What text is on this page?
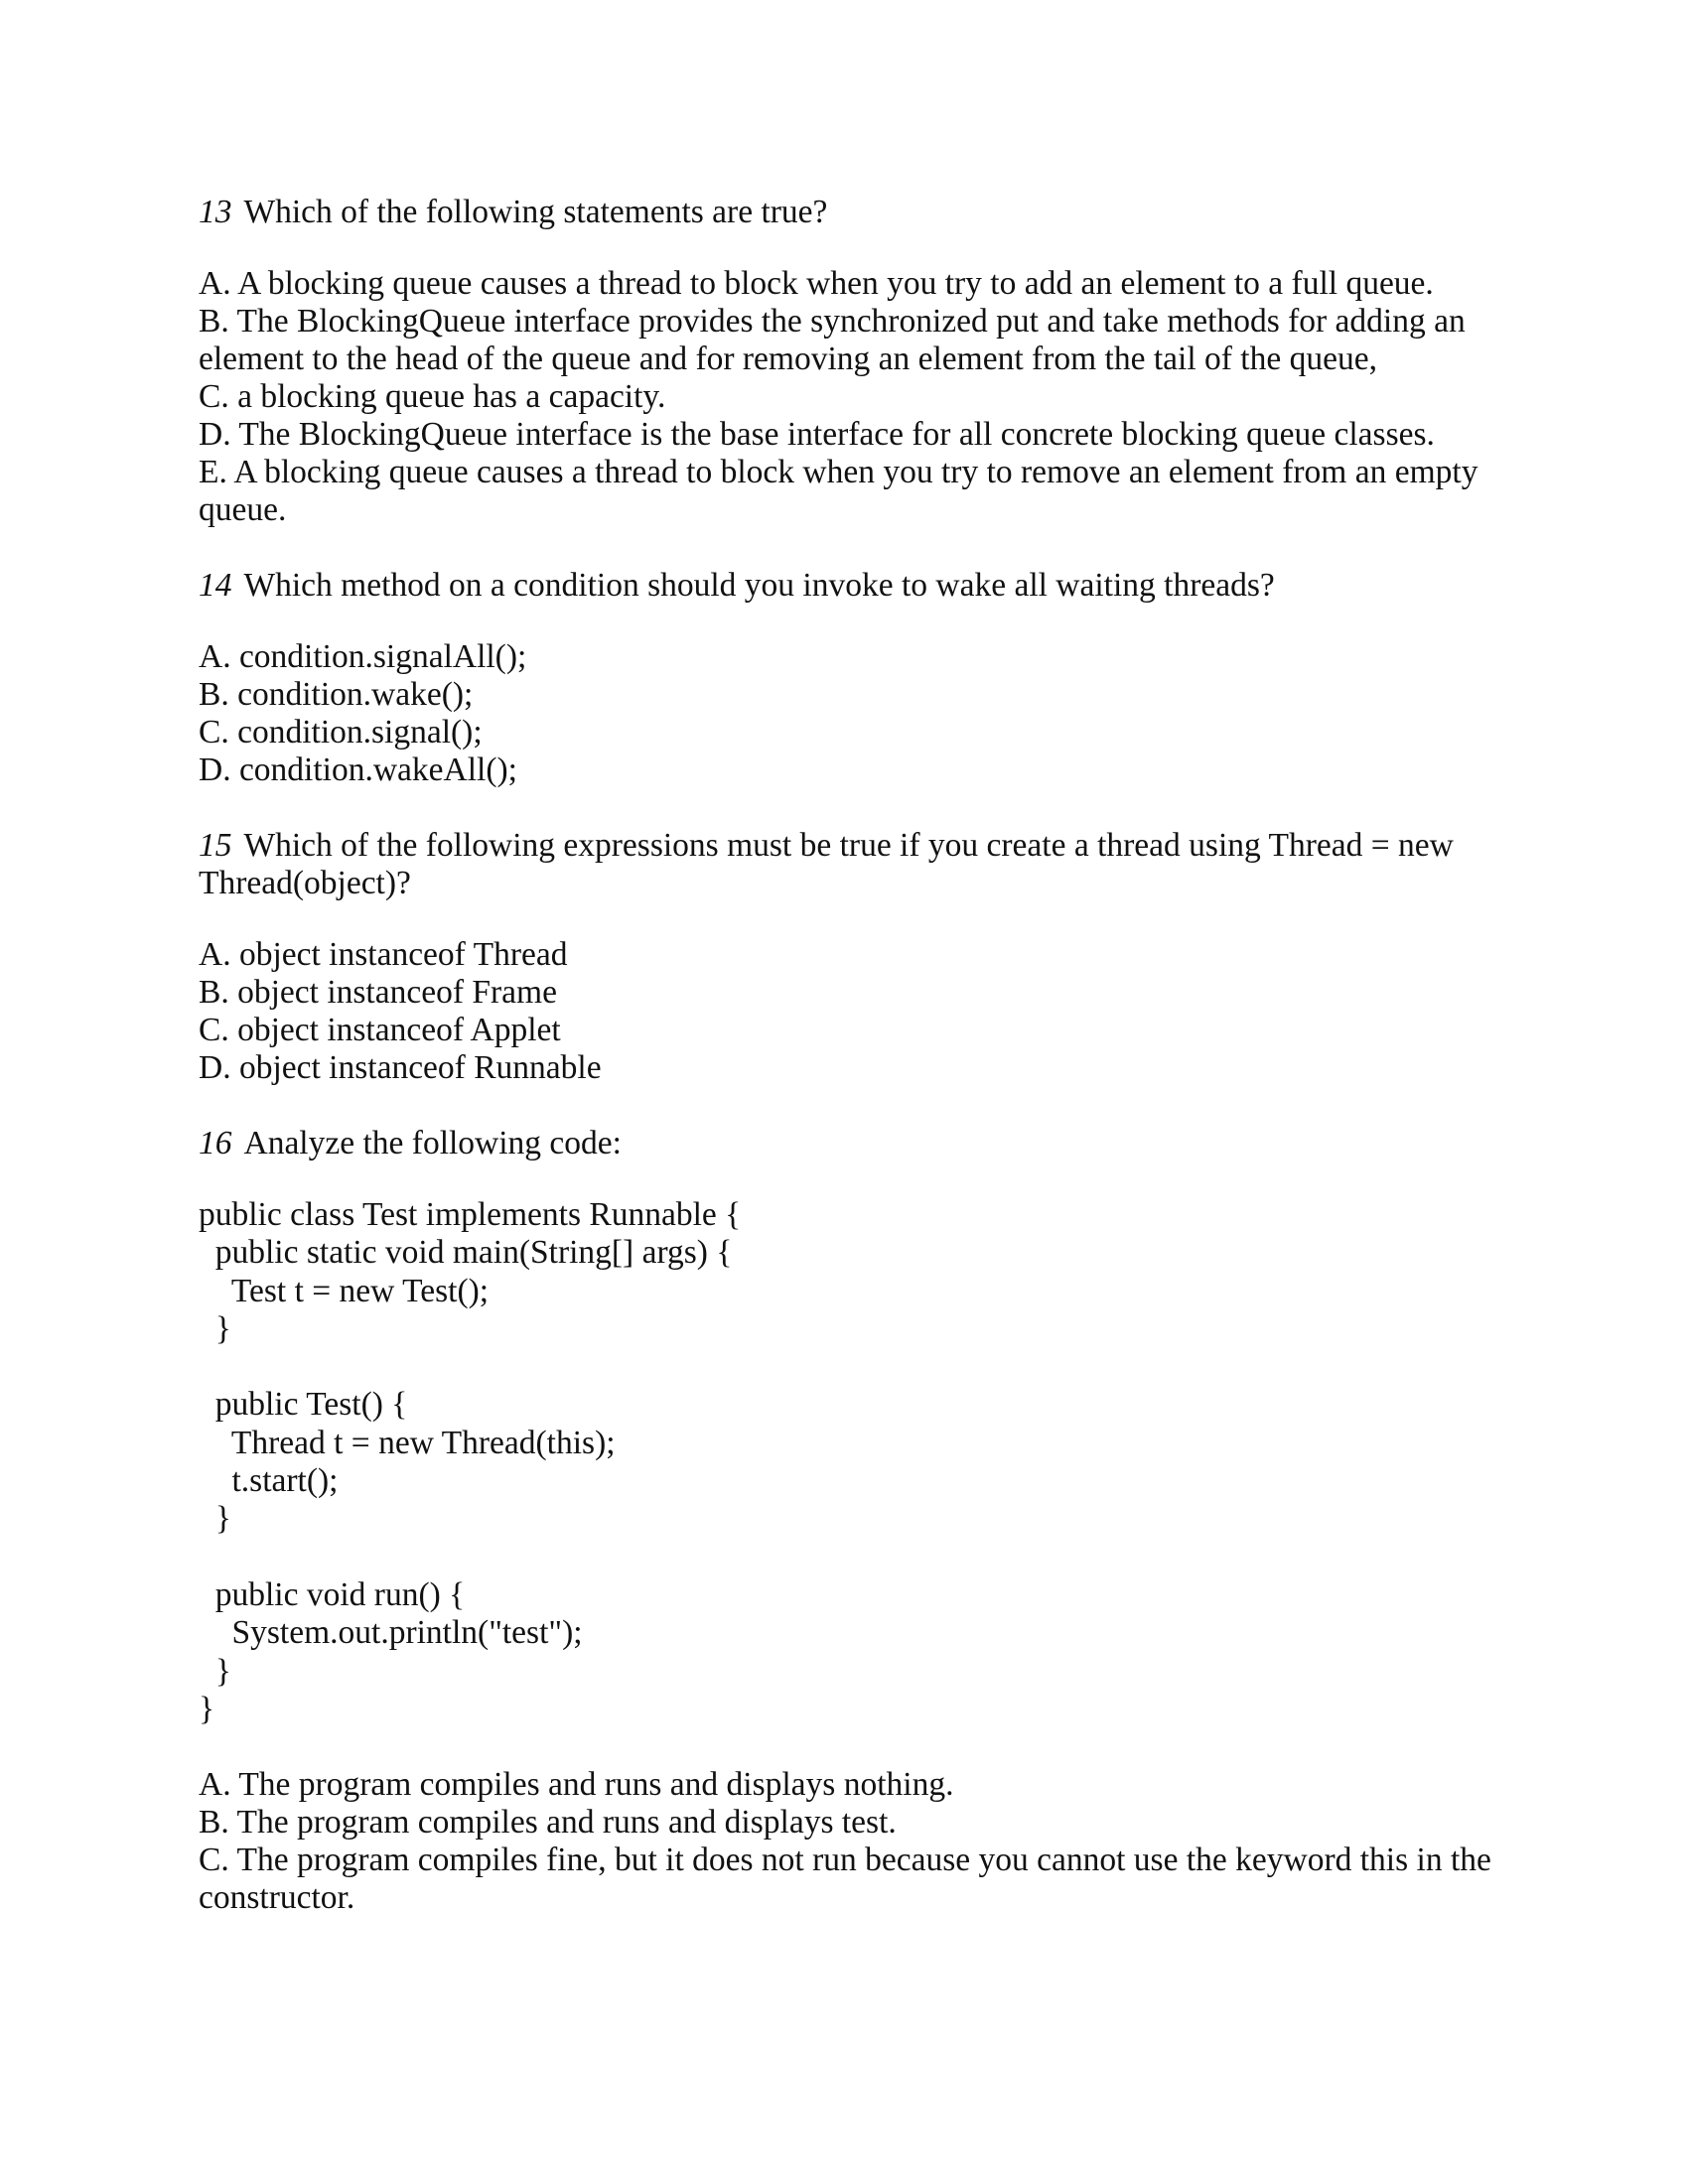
13 Which of the following statements are true?

A. A blocking queue causes a thread to block when you try to add an element to a full queue.
B. The BlockingQueue interface provides the synchronized put and take methods for adding an element to the head of the queue and for removing an element from the tail of the queue,
C. a blocking queue has a capacity.
D. The BlockingQueue interface is the base interface for all concrete blocking queue classes.
E. A blocking queue causes a thread to block when you try to remove an element from an empty queue.

14 Which method on a condition should you invoke to wake all waiting threads?

A. condition.signalAll();
B. condition.wake();
C. condition.signal();
D. condition.wakeAll();

15 Which of the following expressions must be true if you create a thread using Thread = new Thread(object)?

A. object instanceof Thread
B. object instanceof Frame
C. object instanceof Applet
D. object instanceof Runnable

16 Analyze the following code:

public class Test implements Runnable {
public static void main(String[] args) {
Test t = new Test();
}

public Test() {
Thread t = new Thread(this);
t.start();
}

public void run() {
System.out.println("test");
}
}
A. The program compiles and runs and displays nothing.
B. The program compiles and runs and displays test.
C. The program compiles fine, but it does not run because you cannot use the keyword this in the constructor.
